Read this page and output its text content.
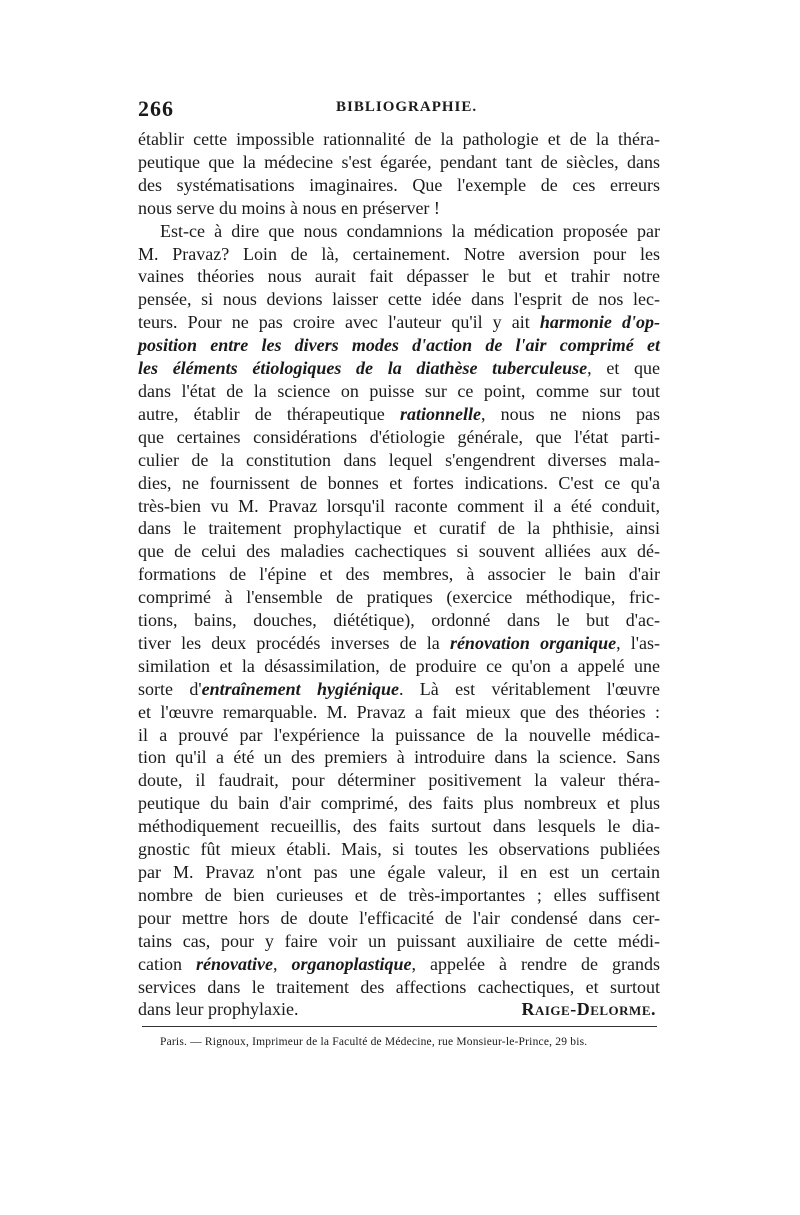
266	BIBLIOGRAPHIE.

établir cette impossible rationnalité de la pathologie et de la théra-
peutique que la médecine s'est égarée, pendant tant de siècles, dans
des systématisations imaginaires. Que l'exemple de ces erreurs
nous serve du moins à nous en préserver !

Est-ce à dire que nous condamnions la médication proposée par
M. Pravaz? Loin de là, certainement. Notre aversion pour les
vaines théories nous aurait fait dépasser le but et trahir notre
pensée, si nous devions laisser cette idée dans l'esprit de nos lec-
teurs. Pour ne pas croire avec l'auteur qu'il y ait harmonie d'op-
position entre les divers modes d'action de l'air comprimé et
les éléments étiologiques de la diathèse tuberculeuse, et que
dans l'état de la science on puisse sur ce point, comme sur tout
autre, établir de thérapeutique rationnelle, nous ne nions pas
que certaines considérations d'étiologie générale, que l'état parti-
culier de la constitution dans lequel s'engendrent diverses mala-
dies, ne fournissent de bonnes et fortes indications. C'est ce qu'a
très-bien vu M. Pravaz lorsqu'il raconte comment il a été conduit,
dans le traitement prophylactique et curatif de la phthisie, ainsi
que de celui des maladies cachectiques si souvent alliées aux dé-
formations de l'épine et des membres, à associer le bain d'air
comprimé à l'ensemble de pratiques (exercice méthodique, fric-
tions, bains, douches, diététique), ordonné dans le but d'ac-
tiver les deux procédés inverses de la rénovation organique, l'as-
similation et la désassimilation, de produire ce qu'on a appelé une
sorte d'entraînement hygiénique. Là est véritablement l'œuvre
et l'œuvre remarquable. M. Pravaz a fait mieux que des théories :
il a prouvé par l'expérience la puissance de la nouvelle médica-
tion qu'il a été un des premiers à introduire dans la science. Sans
doute, il faudrait, pour déterminer positivement la valeur théra-
peutique du bain d'air comprimé, des faits plus nombreux et plus
méthodiquement recueillis, des faits surtout dans lesquels le dia-
gnostic fût mieux établi. Mais, si toutes les observations publiées
par M. Pravaz n'ont pas une égale valeur, il en est un certain
nombre de bien curieuses et de très-importantes ; elles suffisent
pour mettre hors de doute l'efficacité de l'air condensé dans cer-
tains cas, pour y faire voir un puissant auxiliaire de cette médi-
cation rénovative, organoplastique, appelée à rendre de grands
services dans le traitement des affections cachectiques, et surtout
dans leur prophylaxie.	Raige-Delorme.

Paris. — Rignoux, Imprimeur de la Faculté de Médecine, rue Monsieur-le-Prince, 29 bis.
